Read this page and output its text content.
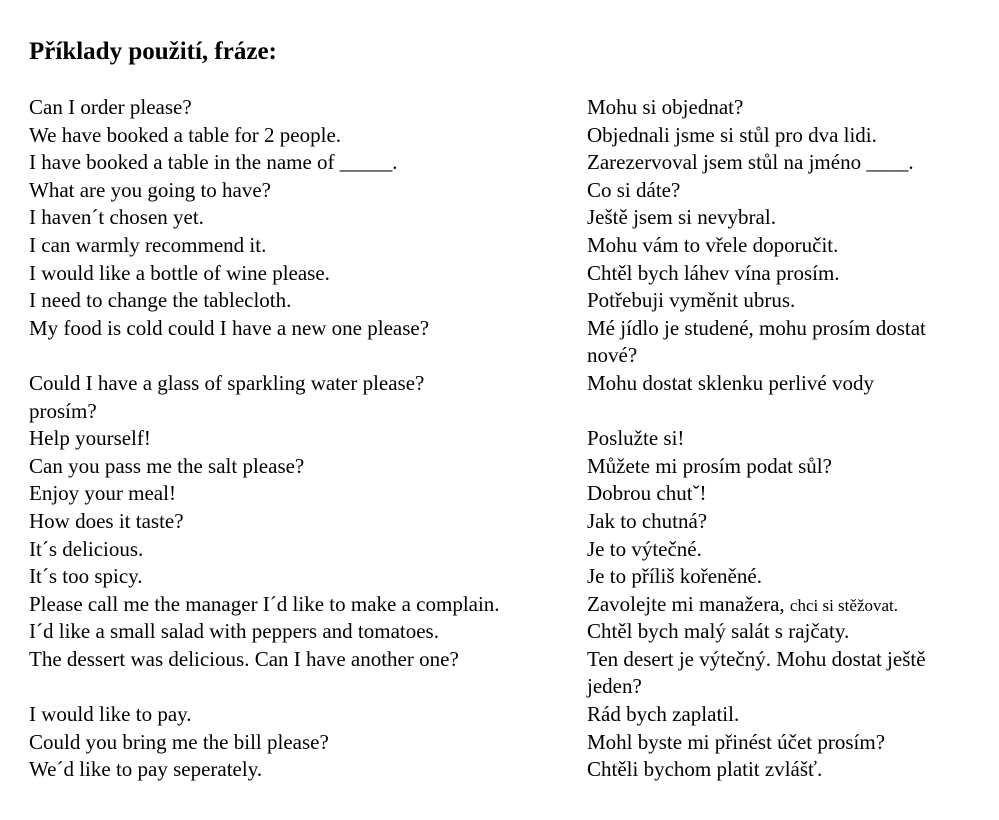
Příklady použití, fráze:
Can I order please?
We have booked a table for 2 people.
I have booked a table in the name of _____.
What are you going to have?
I haven´t chosen yet.
I can warmly recommend it.
I would like a bottle of wine please.
I need to change the tablecloth.
My food is cold could I have a new one please?
Could I have a glass of sparkling water please?
prosím?
Help yourself!
Can you pass me the salt please?
Enjoy your meal!
How does it taste?
It´s delicious.
It´s too spicy.
Please call me the manager I´d like to make a complain.
I´d like a small salad with peppers and tomatoes.
The dessert was delicious. Can I have another one?
I would like to pay.
Could you bring me the bill please?
We´d like to pay seperately.
Mohu si objednat?
Objednali jsme si stůl pro dva lidi.
Zarezervoval jsem stůl na jméno ____.
Co si dáte?
Ještě jsem si nevybral.
Mohu vám to vřele doporučit.
Chtěl bych láhev vína prosím.
Potřebuji vyměnit ubrus.
Mé jídlo je studené, mohu prosím dostat
nové?
Mohu dostat sklenku perlivé vody
Poslužte si!
Můžete mi prosím podat sůl?
Dobrou chutˇ!
Jak to chutná?
Je to výtečné.
Je to příliš kořeněné.
Zavolejte mi manažera, chci si stěžovat.
Chtěl bych malý salát s rajčaty.
Ten desert je výtečný. Mohu dostat ještě
jeden?
Rád bych zaplatil.
Mohl byste mi přinést účet prosím?
Chtěli bychom platit zvlášť.
